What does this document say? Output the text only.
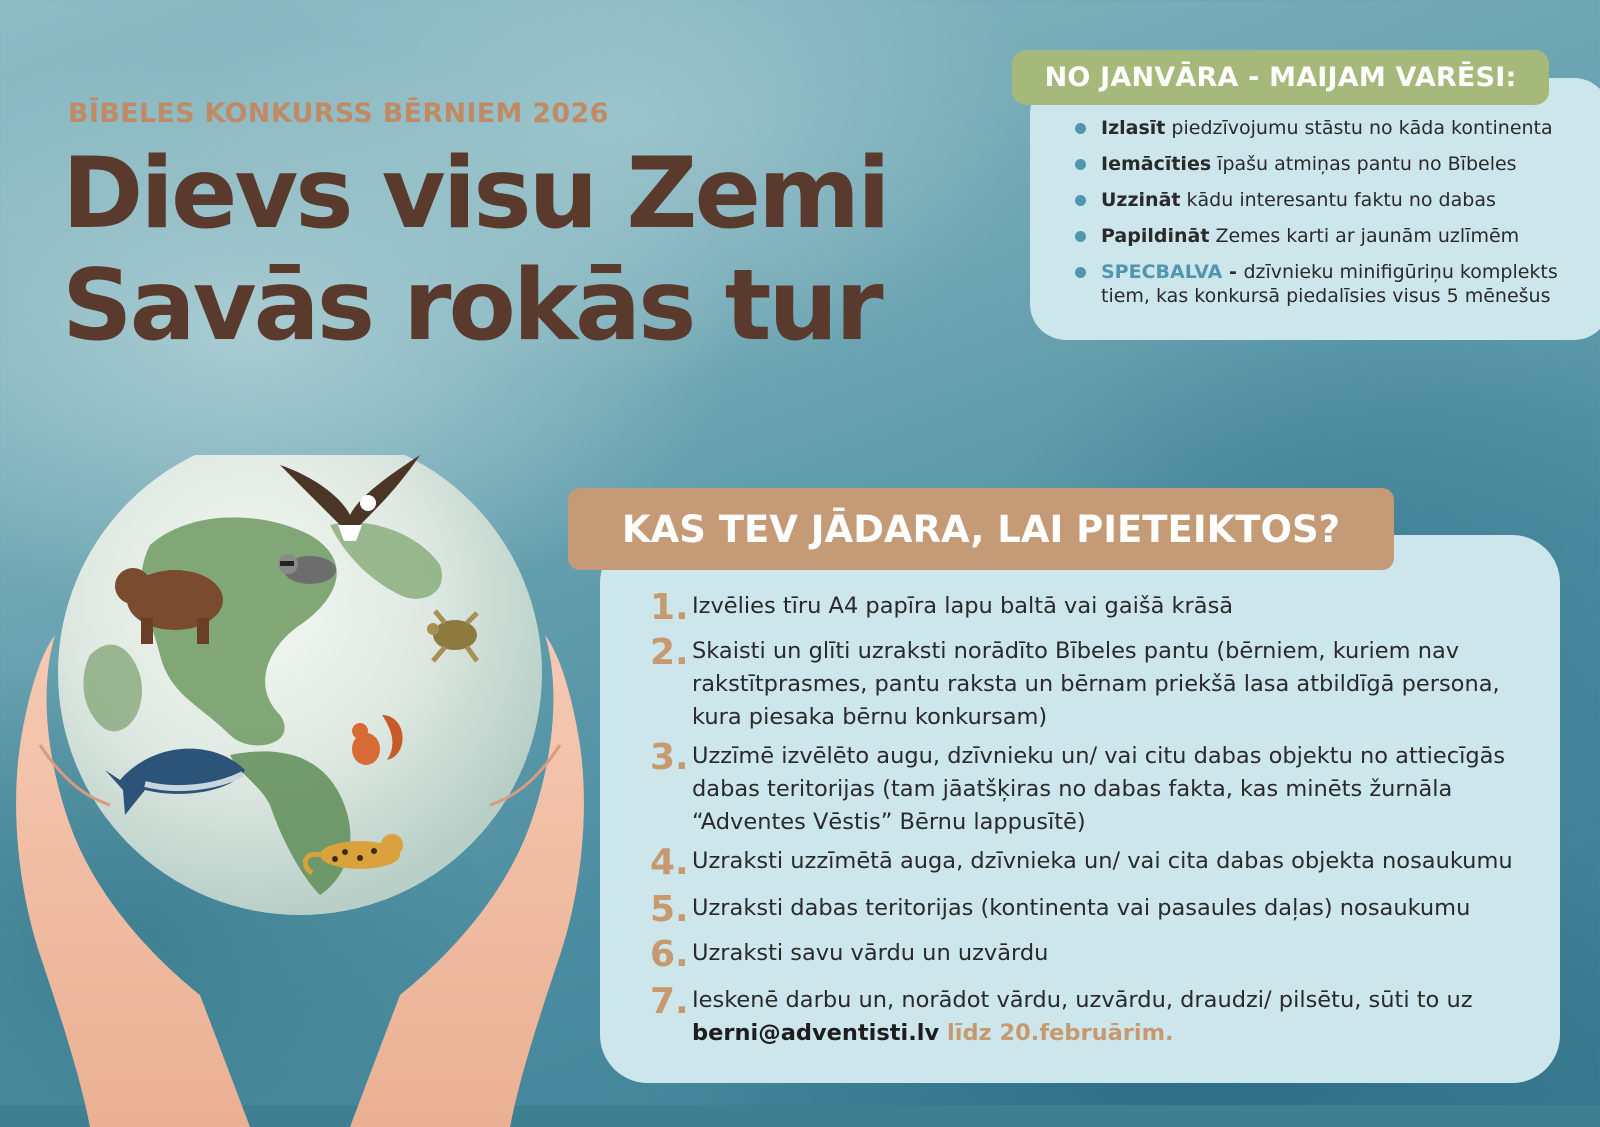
BĪBELES KONKURSS BĒRNIEM 2026
Dievs visu Zemi
Savās rokās tur
NO JANVĀRA - MAIJAM VARĒSI:
Izlasīt piedzīvojumu stāstu no kāda kontinenta
Iemācīties īpašu atmiņas pantu no Bībeles
Uzzināt kādu interesantu faktu no dabas
Papildināt Zemes karti ar jaunām uzlīmēm
SPECBALVA - dzīvnieku minifigūriņu komplekts tiem, kas konkursā piedalīsies visus 5 mēnešus
KAS TEV JĀDARA, LAI PIETEIKTOS?
1. Izvēlies tīru A4 papīra lapu baltā vai gaišā krāsā
2. Skaisti un glīti uzraksti norādīto Bībeles pantu (bērniem, kuriem nav rakstītprasmes, pantu raksta un bērnam priekšā lasa atbildīgā persona, kura piesaka bērnu konkursam)
3. Uzzīmē izvēlēto augu, dzīvnieku un/ vai citu dabas objektu no attiecīgās dabas teritorijas (tam jāatšķiras no dabas fakta, kas minēts žurnāla “Adventes Vēstis” Bērnu lappusītē)
4. Uzraksti uzzīmētā auga, dzīvnieka un/ vai cita dabas objekta nosaukumu
5. Uzraksti dabas teritorijas (kontinenta vai pasaules daļas) nosaukumu
6. Uzraksti savu vārdu un uzvārdu
7. Ieskenē darbu un, norādot vārdu, uzvārdu, draudzi/ pilsētu, sūti to uz berni@adventisti.lv līdz 20.februārim.
